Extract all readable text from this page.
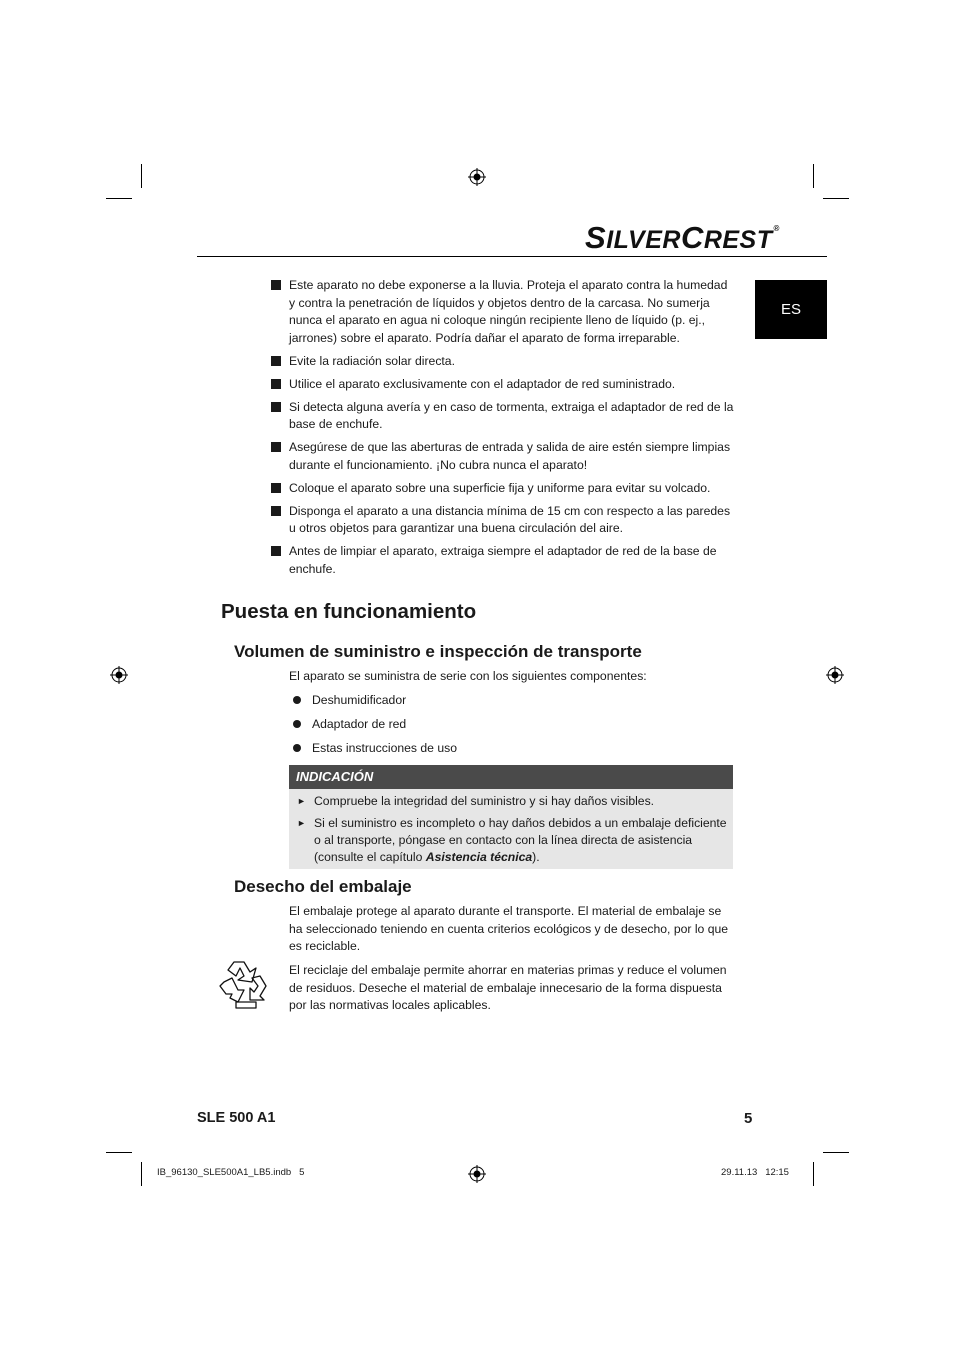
SILVERCREST®
ES
Este aparato no debe exponerse a la lluvia. Proteja el aparato contra la humedad y contra la penetración de líquidos y objetos dentro de la carcasa. No sumerja nunca el aparato en agua ni coloque ningún recipiente lleno de líquido (p. ej., jarrones) sobre el aparato. Podría dañar el aparato de forma irreparable.
Evite la radiación solar directa.
Utilice el aparato exclusivamente con el adaptador de red suministrado.
Si detecta alguna avería y en caso de tormenta, extraiga el adaptador de red de la base de enchufe.
Asegúrese de que las aberturas de entrada y salida de aire estén siempre limpias durante el funcionamiento. ¡No cubra nunca el aparato!
Coloque el aparato sobre una superficie fija y uniforme para evitar su volcado.
Disponga el aparato a una distancia mínima de 15 cm con respecto a las paredes u otros objetos para garantizar una buena circulación del aire.
Antes de limpiar el aparato, extraiga siempre el adaptador de red de la base de enchufe.
Puesta en funcionamiento
Volumen de suministro e inspección de transporte

El aparato se suministra de serie con los siguientes componentes:

Deshumidificador
Adaptador de red
Estas instrucciones de uso
INDICACIÓN
► Compruebe la integridad del suministro y si hay daños visibles.
► Si el suministro es incompleto o hay daños debidos a un embalaje deficiente o al transporte, póngase en contacto con la línea directa de asistencia (consulte el capítulo Asistencia técnica).
Desecho del embalaje

El embalaje protege al aparato durante el transporte. El material de embalaje se ha seleccionado teniendo en cuenta criterios ecológicos y de desecho, por lo que es reciclable.

El reciclaje del embalaje permite ahorrar en materias primas y reduce el volumen de residuos. Deseche el material de embalaje innecesario de la forma dispuesta por las normativas locales aplicables.

SLE 500 A1	5
IB_96130_SLE500A1_LB5.indb   5	29.11.13   12:15
